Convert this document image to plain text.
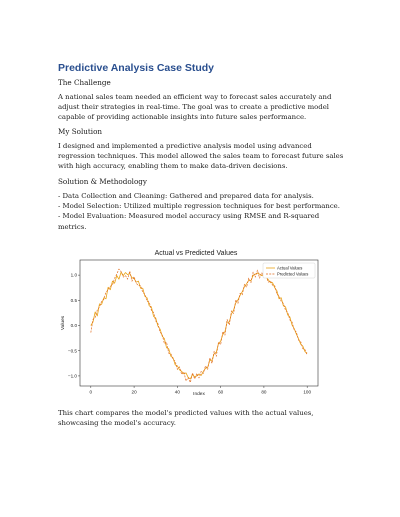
Predictive Analysis Case Study

The Challenge

A national sales team needed an efficient way to forecast sales accurately and adjust their strategies in real-time. The goal was to create a predictive model capable of providing actionable insights into future sales performance.

My Solution

I designed and implemented a predictive analysis model using advanced regression techniques. This model allowed the sales team to forecast future sales with high accuracy, enabling them to make data-driven decisions.

Solution & Methodology

- Data Collection and Cleaning: Gathered and prepared data for analysis.
- Model Selection: Utilized multiple regression techniques for best performance.
- Model Evaluation: Measured model accuracy using RMSE and R-squared metrics.
Actual vs Predicted Values
0	20	40	60	80	100
−1.0
−0.5
0.0
0.5
1.0
Index
Values
Actual Values
Predicted Values

This chart compares the model's predicted values with the actual values, showcasing the model's accuracy.
